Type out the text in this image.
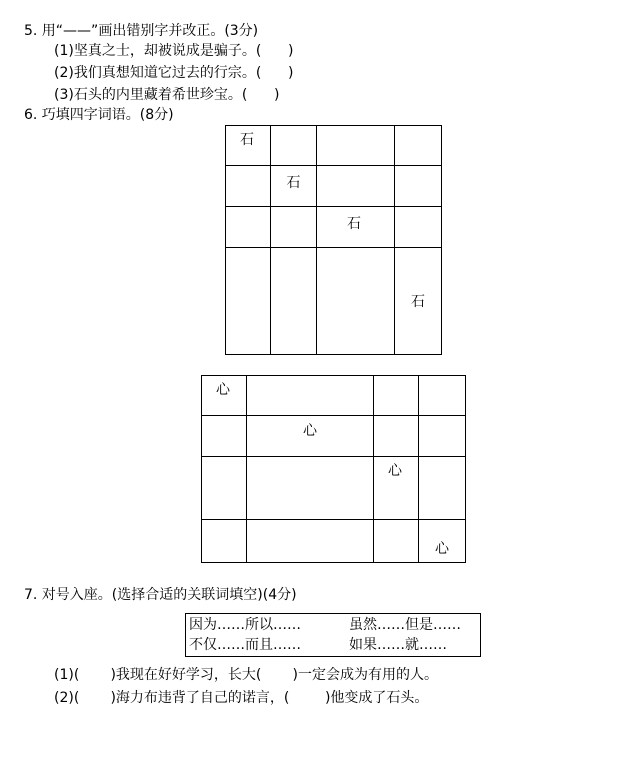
5. 用“——”画出错别字并改正。(3分)
(1)坚真之士，却被说成是骗子。(      )
(2)我们真想知道它过去的行宗。(      )
(3)石头的内里藏着希世珍宝。(      )
6. 巧填四字词语。(8分)
石			

	石		

		石	

			石
心			

	心		

		心	

			心
7. 对号入座。(选择合适的关联词填空)(4分)
因为……所以……	虽然……但是……
不仅……而且……	如果……就……
(1)(       )我现在好好学习，长大(       )一定会成为有用的人。
(2)(       )海力布违背了自己的诺言，(        )他变成了石头。
